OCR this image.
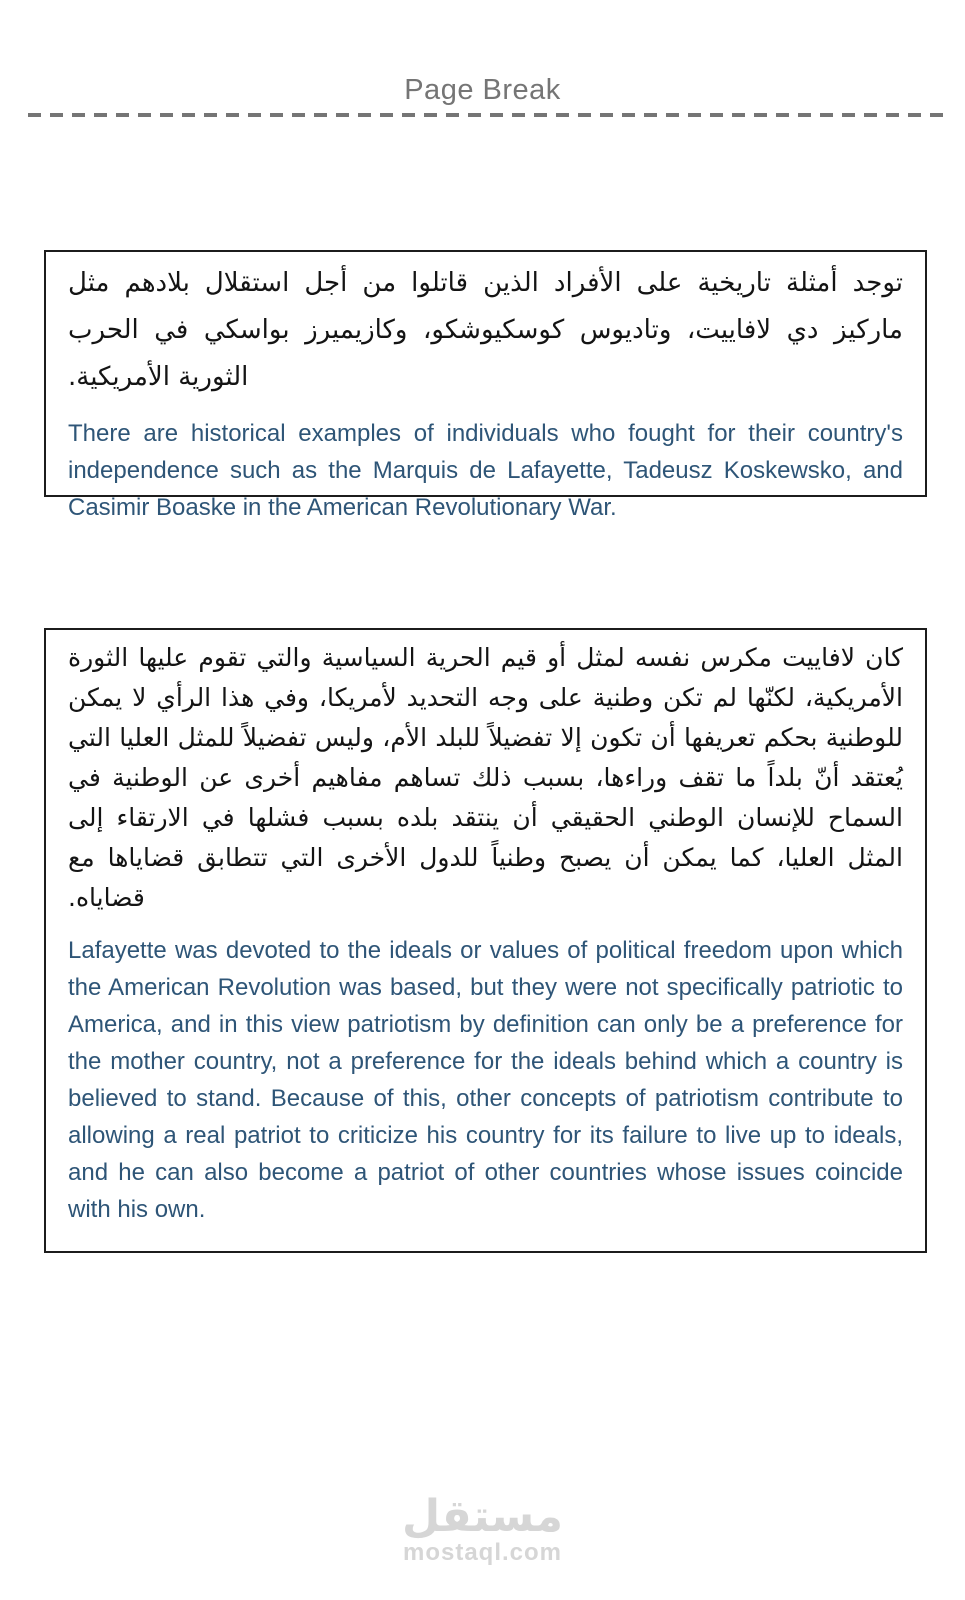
Page Break

توجد أمثلة تاريخية على الأفراد الذين قاتلوا من أجل استقلال بلادهم مثل ماركيز دي لافاييت، وتاديوس كوسكيوشكو، وكازيميرز بواسكي في الحرب الثورية الأمريكية.

There are historical examples of individuals who fought for their country's independence such as the Marquis de Lafayette, Tadeusz Koskewsko, and Casimir Boaske in the American Revolutionary War.

كان لافاييت مكرس نفسه لمثل أو قيم الحرية السياسية والتي تقوم عليها الثورة الأمريكية، لكنّها لم تكن وطنية على وجه التحديد لأمريكا، وفي هذا الرأي لا يمكن للوطنية بحكم تعريفها أن تكون إلا تفضيلاً للبلد الأم، وليس تفضيلاً للمثل العليا التي يُعتقد أنّ بلداً ما تقف وراءها، بسبب ذلك تساهم مفاهيم أخرى عن الوطنية في السماح للإنسان الوطني الحقيقي أن ينتقد بلده بسبب فشلها في الارتقاء إلى المثل العليا، كما يمكن أن يصبح وطنياً للدول الأخرى التي تتطابق قضاياها مع قضاياه.

Lafayette was devoted to the ideals or values of political freedom upon which the American Revolution was based, but they were not specifically patriotic to America, and in this view patriotism by definition can only be a preference for the mother country, not a preference for the ideals behind which a country is believed to stand. Because of this, other concepts of patriotism contribute to allowing a real patriot to criticize his country for its failure to live up to ideals, and he can also become a patriot of other countries whose issues coincide with his own.

مستقل
mostaql.com
